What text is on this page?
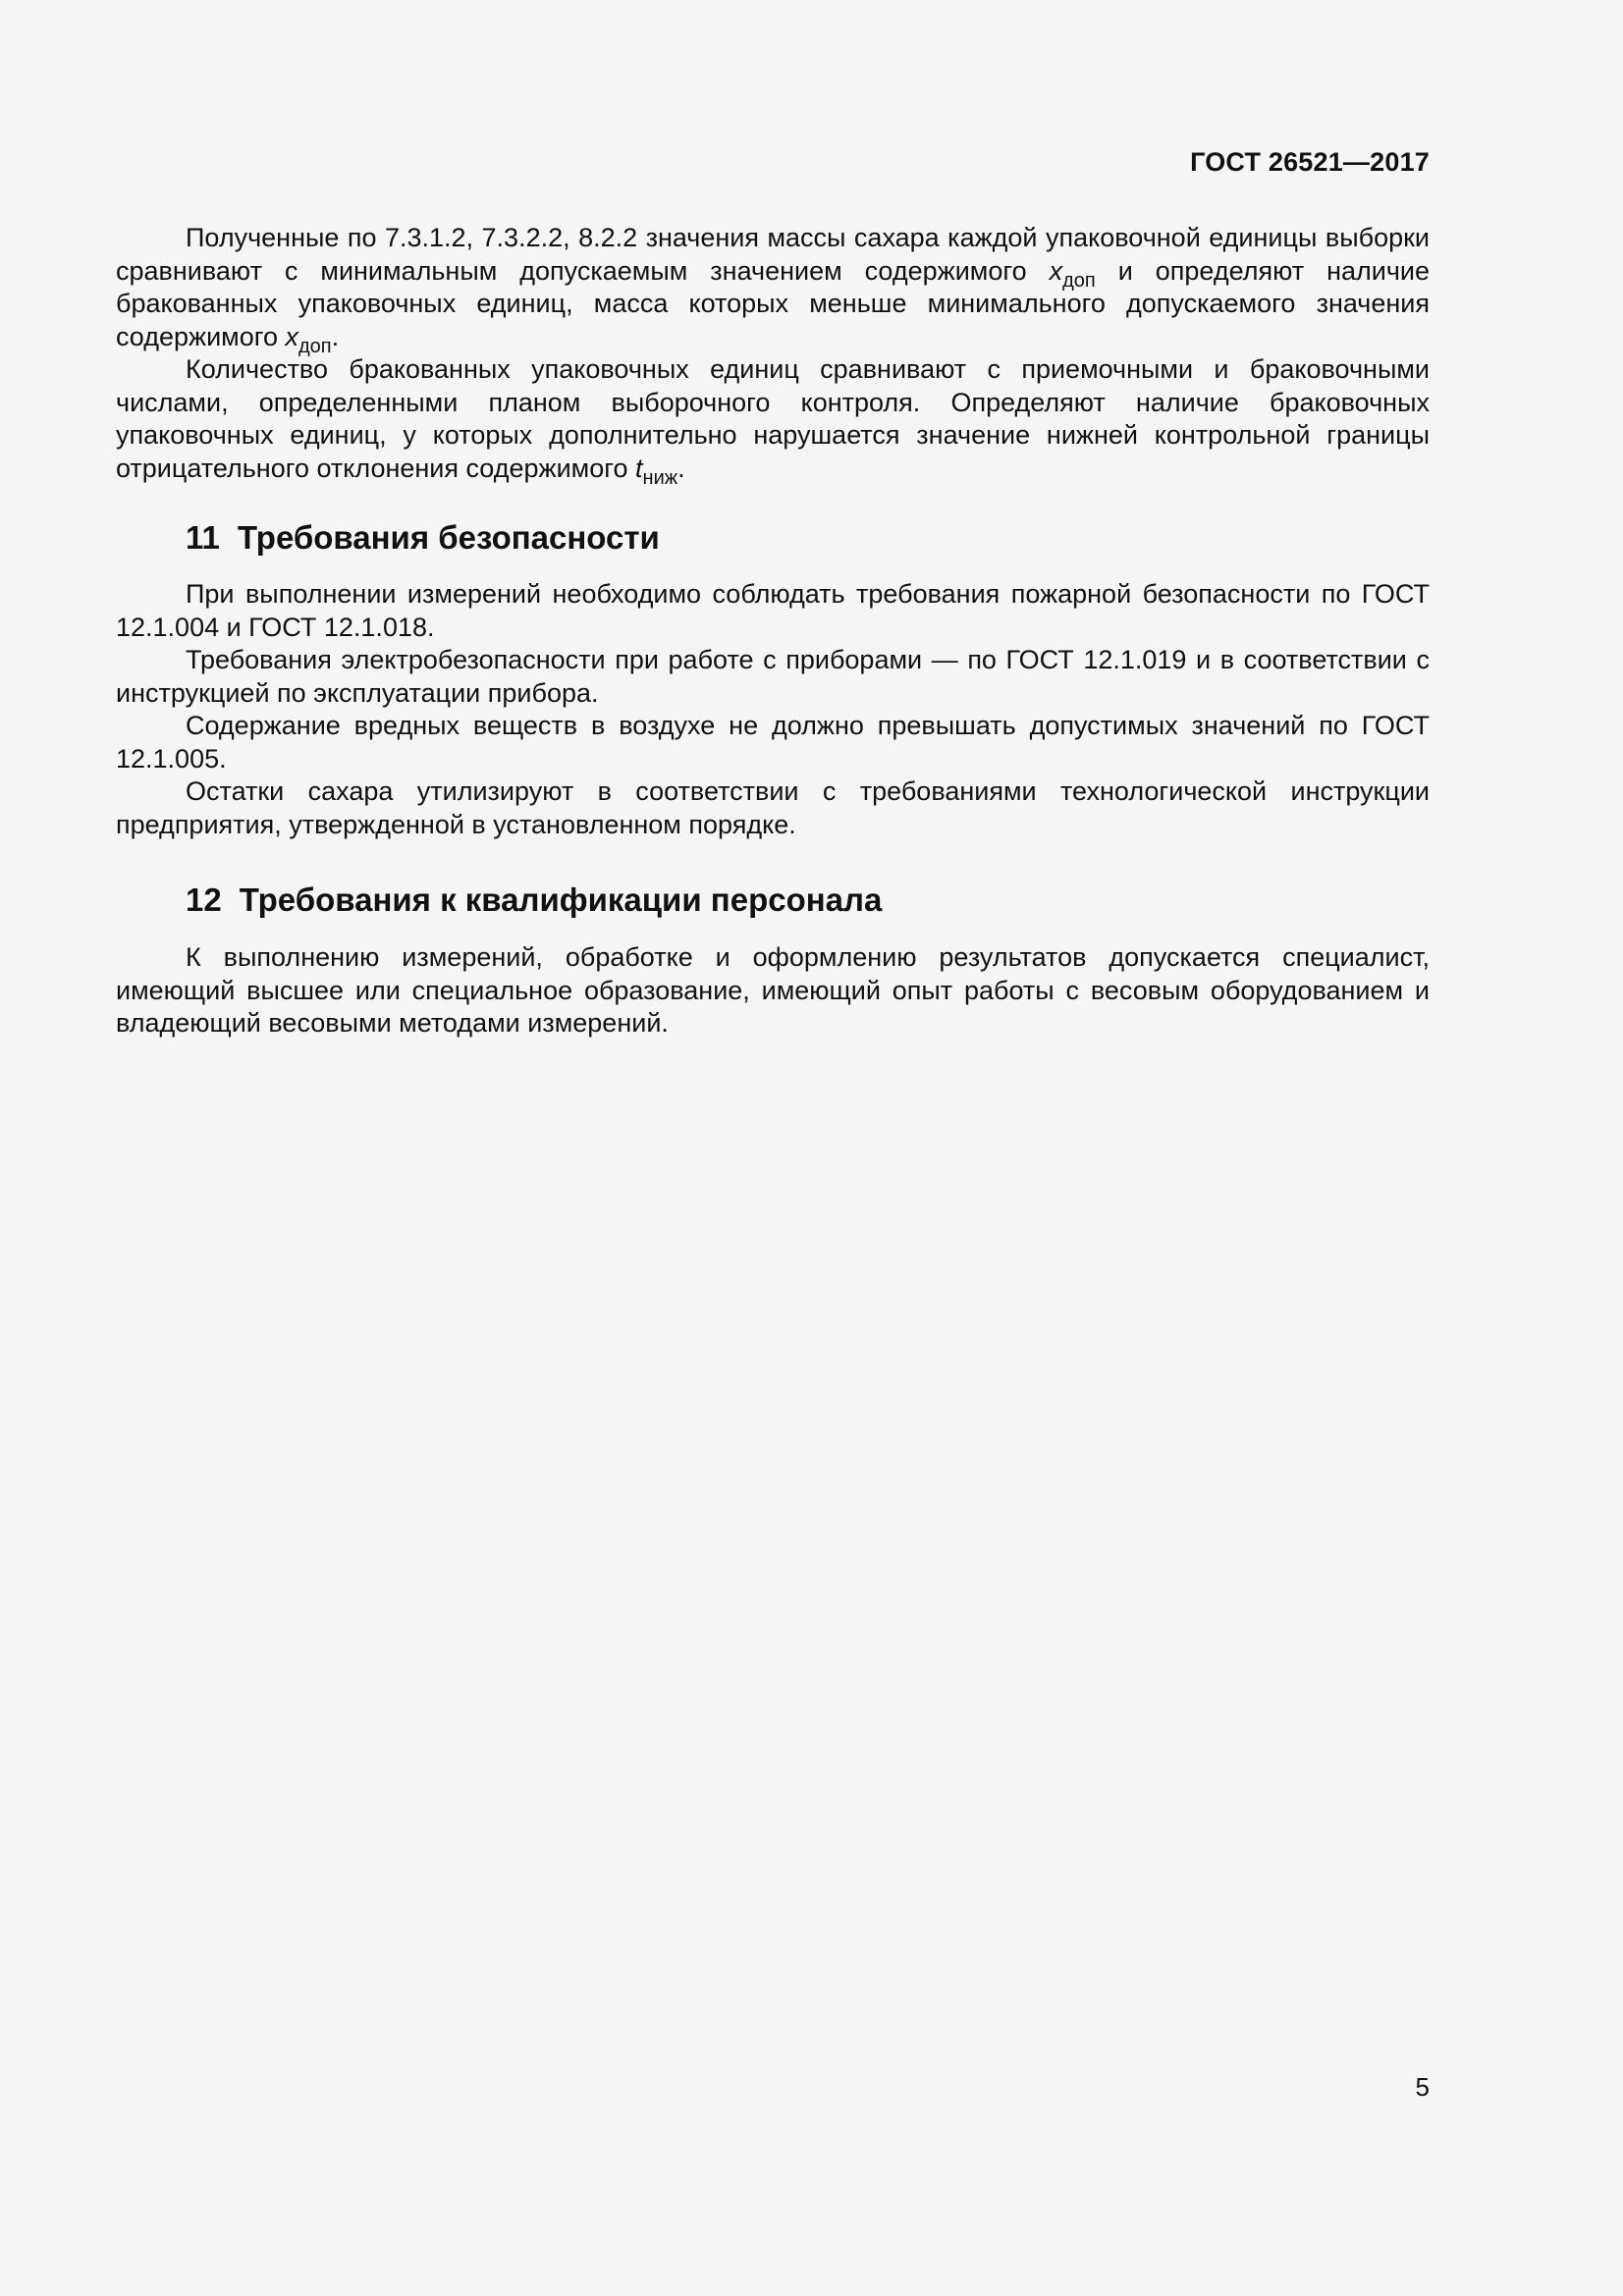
ГОСТ 26521—2017

Полученные по 7.3.1.2, 7.3.2.2, 8.2.2 значения массы сахара каждой упаковочной единицы выборки сравнивают с минимальным допускаемым значением содержимого $x_{доп}$ и определяют наличие бракованных упаковочных единиц, масса которых меньше минимального допускаемого значения содержимого $x_{доп}$.

Количество бракованных упаковочных единиц сравнивают с приемочными и браковочными числами, определенными планом выборочного контроля. Определяют наличие браковочных упаковочных единиц, у которых дополнительно нарушается значение нижней контрольной границы отрицательного отклонения содержимого $t_{ниж}$.

11 Требования безопасности

При выполнении измерений необходимо соблюдать требования пожарной безопасности по ГОСТ 12.1.004 и ГОСТ 12.1.018.

Требования электробезопасности при работе с приборами — по ГОСТ 12.1.019 и в соответствии с инструкцией по эксплуатации прибора.

Содержание вредных веществ в воздухе не должно превышать допустимых значений по ГОСТ 12.1.005.

Остатки сахара утилизируют в соответствии с требованиями технологической инструкции предприятия, утвержденной в установленном порядке.

12 Требования к квалификации персонала

К выполнению измерений, обработке и оформлению результатов допускается специалист, имеющий высшее или специальное образование, имеющий опыт работы с весовым оборудованием и владеющий весовыми методами измерений.

5
